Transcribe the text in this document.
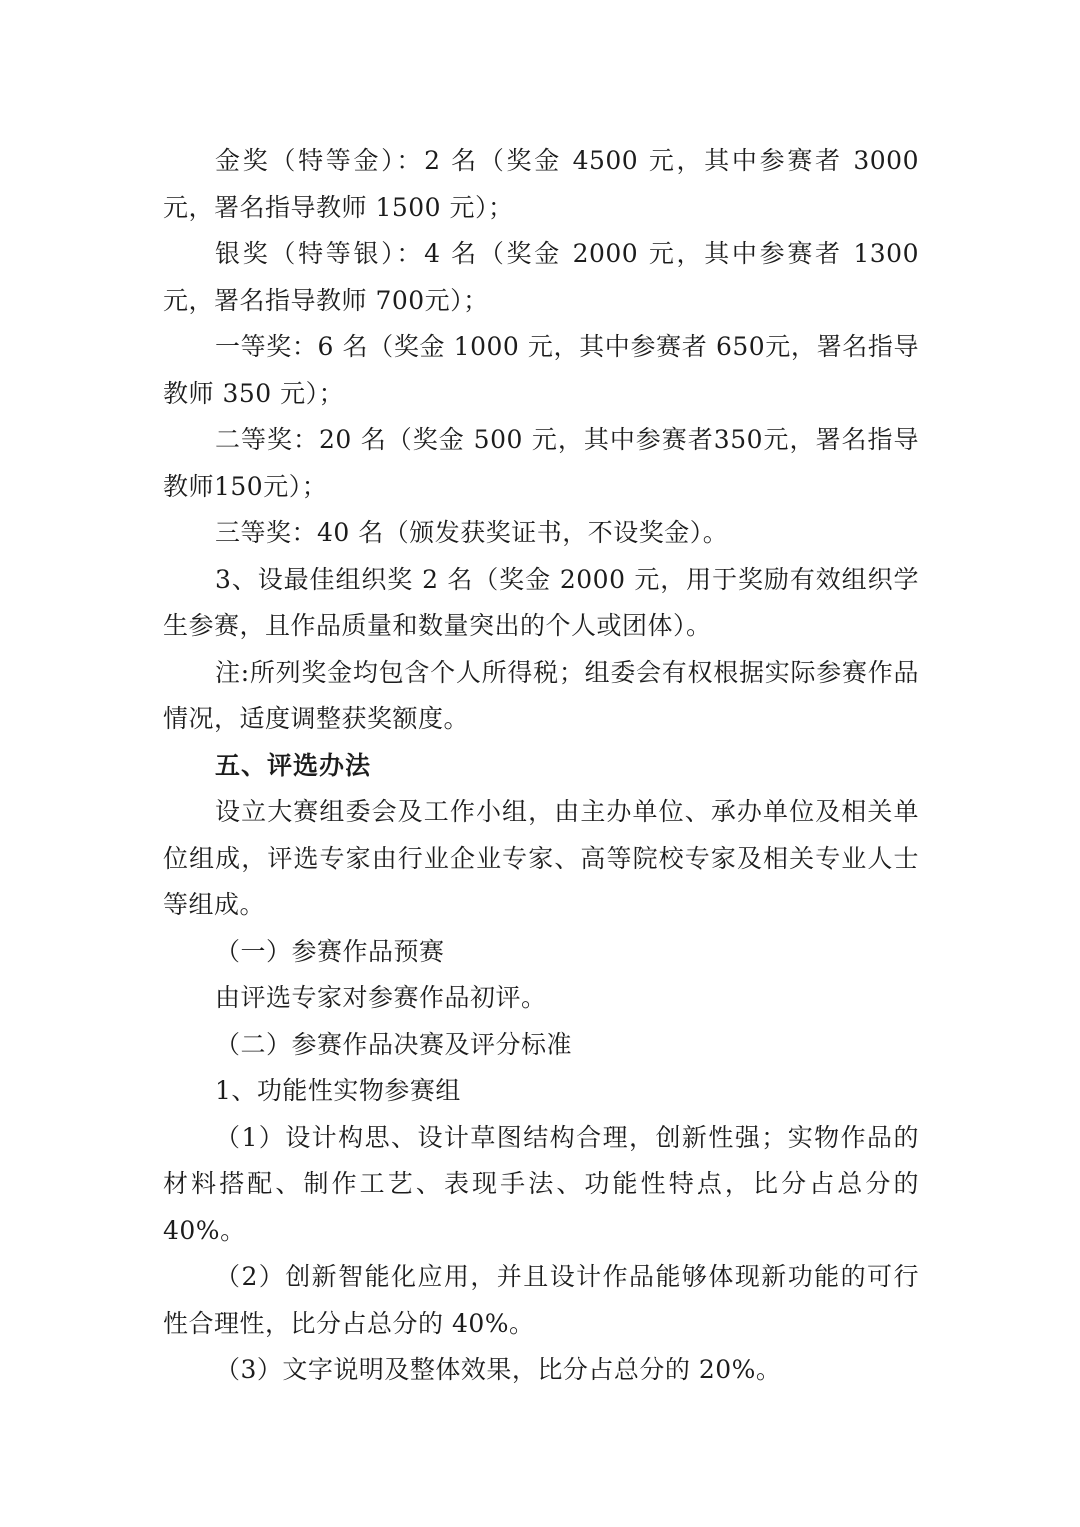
金奖（特等金）：2 名（奖金 4500 元，其中参赛者 3000元，署名指导教师 1500 元）；

银奖（特等银）：4 名（奖金 2000 元，其中参赛者 1300元，署名指导教师 700元）；

一等奖：6 名（奖金 1000 元，其中参赛者 650元，署名指导教师 350 元）；

二等奖：20 名（奖金 500 元，其中参赛者350元，署名指导教师150元）；

三等奖：40 名（颁发获奖证书，不设奖金）。

3、设最佳组织奖 2 名（奖金 2000 元，用于奖励有效组织学生参赛，且作品质量和数量突出的个人或团体）。

注:所列奖金均包含个人所得税；组委会有权根据实际参赛作品情况，适度调整获奖额度。

五、评选办法

设立大赛组委会及工作小组，由主办单位、承办单位及相关单位组成，评选专家由行业企业专家、高等院校专家及相关专业人士等组成。

（一）参赛作品预赛

由评选专家对参赛作品初评。

（二）参赛作品决赛及评分标准

1、功能性实物参赛组

（1）设计构思、设计草图结构合理，创新性强；实物作品的材料搭配、制作工艺、表现手法、功能性特点，比分占总分的 40%。

（2）创新智能化应用，并且设计作品能够体现新功能的可行性合理性，比分占总分的 40%。

（3）文字说明及整体效果，比分占总分的 20%。
